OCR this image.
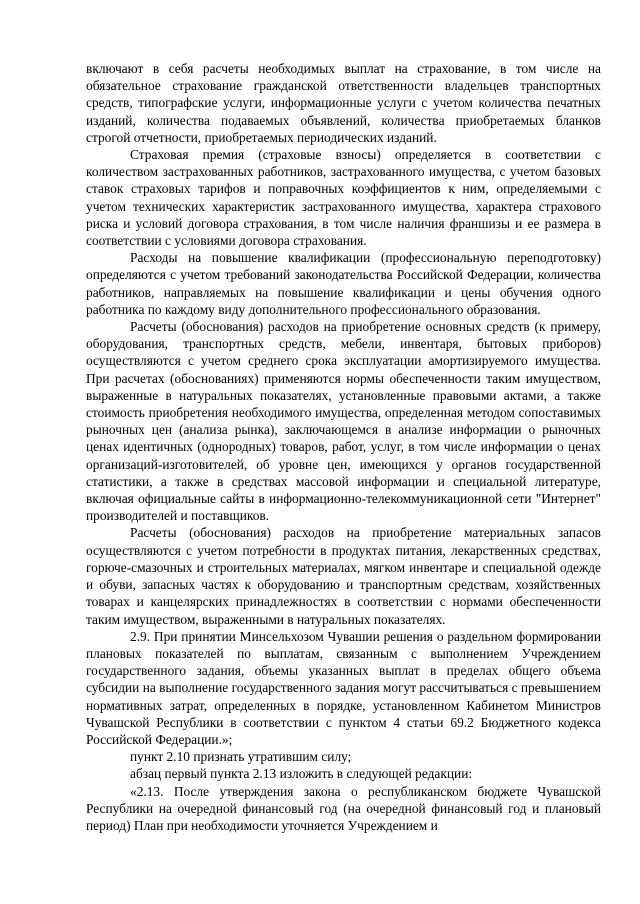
включают в себя расчеты необходимых выплат на страхование, в том числе на обязательное страхование гражданской ответственности владельцев транспортных средств, типографские услуги, информационные услуги с учетом количества печатных изданий, количества подаваемых объявлений, количества приобретаемых бланков строгой отчетности, приобретаемых периодических изданий.

Страховая премия (страховые взносы) определяется в соответствии с количеством застрахованных работников, застрахованного имущества, с учетом базовых ставок страховых тарифов и поправочных коэффициентов к ним, определяемыми с учетом технических характеристик застрахованного имущества, характера страхового риска и условий договора страхования, в том числе наличия франшизы и ее размера в соответствии с условиями договора страхования.

Расходы на повышение квалификации (профессиональную переподготовку) определяются с учетом требований законодательства Российской Федерации, количества работников, направляемых на повышение квалификации и цены обучения одного работника по каждому виду дополнительного профессионального образования.

Расчеты (обоснования) расходов на приобретение основных средств (к примеру, оборудования, транспортных средств, мебели, инвентаря, бытовых приборов) осуществляются с учетом среднего срока эксплуатации амортизируемого имущества. При расчетах (обоснованиях) применяются нормы обеспеченности таким имуществом, выраженные в натуральных показателях, установленные правовыми актами, а также стоимость приобретения необходимого имущества, определенная методом сопоставимых рыночных цен (анализа рынка), заключающемся в анализе информации о рыночных ценах идентичных (однородных) товаров, работ, услуг, в том числе информации о ценах организаций-изготовителей, об уровне цен, имеющихся у органов государственной статистики, а также в средствах массовой информации и специальной литературе, включая официальные сайты в информационно-телекоммуникационной сети "Интернет" производителей и поставщиков.

Расчеты (обоснования) расходов на приобретение материальных запасов осуществляются с учетом потребности в продуктах питания, лекарственных средствах, горюче-смазочных и строительных материалах, мягком инвентаре и специальной одежде и обуви, запасных частях к оборудованию и транспортным средствам, хозяйственных товарах и канцелярских принадлежностях в соответствии с нормами обеспеченности таким имуществом, выраженными в натуральных показателях.

2.9. При принятии Минсельхозом Чувашии решения о раздельном формировании плановых показателей по выплатам, связанным с выполнением Учреждением государственного задания, объемы указанных выплат в пределах общего объема субсидии на выполнение государственного задания могут рассчитываться с превышением нормативных затрат, определенных в порядке, установленном Кабинетом Министров Чувашской Республики в соответствии с пунктом 4 статьи 69.2 Бюджетного кодекса Российской Федерации.»;

пункт 2.10 признать утратившим силу;

абзац первый пункта 2.13 изложить в следующей редакции:

«2.13. После утверждения закона о республиканском бюджете Чувашской Республики на очередной финансовый год (на очередной финансовый год и плановый период) План при необходимости уточняется Учреждением и
